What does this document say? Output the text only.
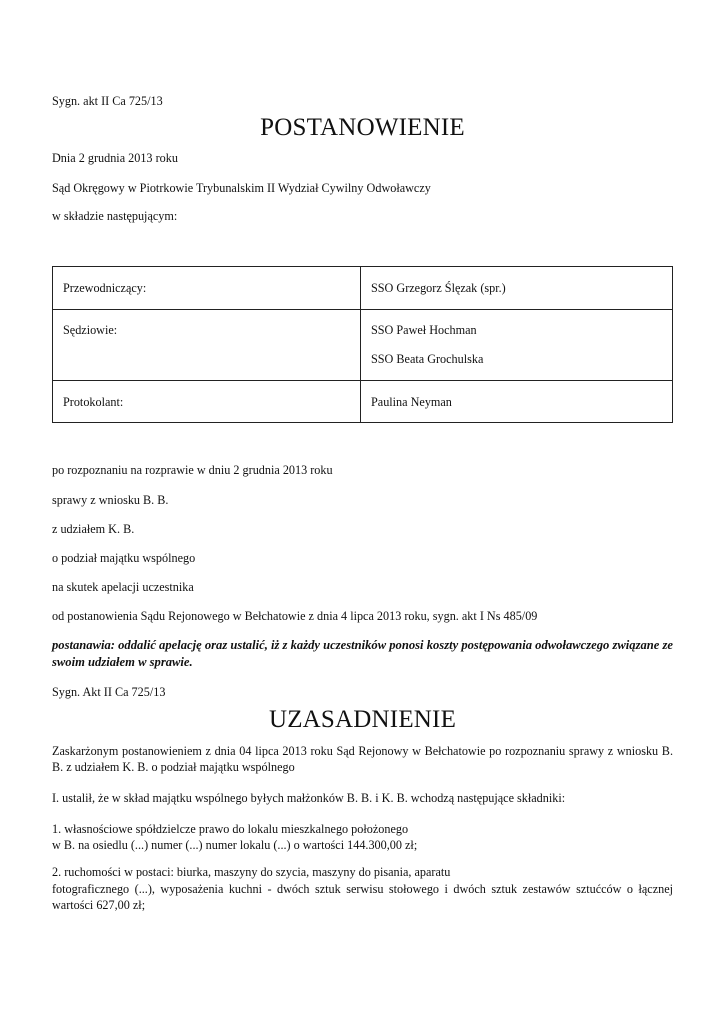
Sygn. akt II Ca 725/13
POSTANOWIENIE
Dnia 2 grudnia 2013 roku
Sąd Okręgowy w Piotrkowie Trybunalskim II Wydział Cywilny Odwoławczy
w składzie następującym:
Przewodniczący:	SSO Grzegorz Ślęzak (spr.)

Sędziowie:	SSO Paweł Hochman
SSO Beata Grochulska

Protokolant:	Paulina Neyman
po rozpoznaniu na rozprawie w dniu 2 grudnia 2013 roku
sprawy z wniosku B. B.
z udziałem K. B.
o podział majątku wspólnego
na skutek apelacji uczestnika
od postanowienia Sądu Rejonowego w Bełchatowie z dnia 4 lipca 2013 roku, sygn. akt I Ns 485/09
postanawia: oddalić apelację oraz ustalić, iż z każdy uczestników ponosi koszty postępowania odwoławczego związane ze swoim udziałem w sprawie.
Sygn. Akt II Ca 725/13
UZASADNIENIE
Zaskarżonym postanowieniem z dnia 04 lipca 2013 roku Sąd Rejonowy w Bełchatowie po rozpoznaniu sprawy z wniosku B. B. z udziałem K. B. o podział majątku wspólnego
I. ustalił, że w skład majątku wspólnego byłych małżonków B. B. i K. B. wchodzą następujące składniki:
1. własnościowe spółdzielcze prawo do lokalu mieszkalnego położonego
w B. na osiedlu (...) numer (...) numer lokalu (...) o wartości 144.300,00 zł;
2. ruchomości w postaci: biurka, maszyny do szycia, maszyny do pisania, aparatu
fotograficznego (...), wyposażenia kuchni - dwóch sztuk serwisu stołowego i dwóch sztuk zestawów sztućców o łącznej wartości 627,00 zł;
